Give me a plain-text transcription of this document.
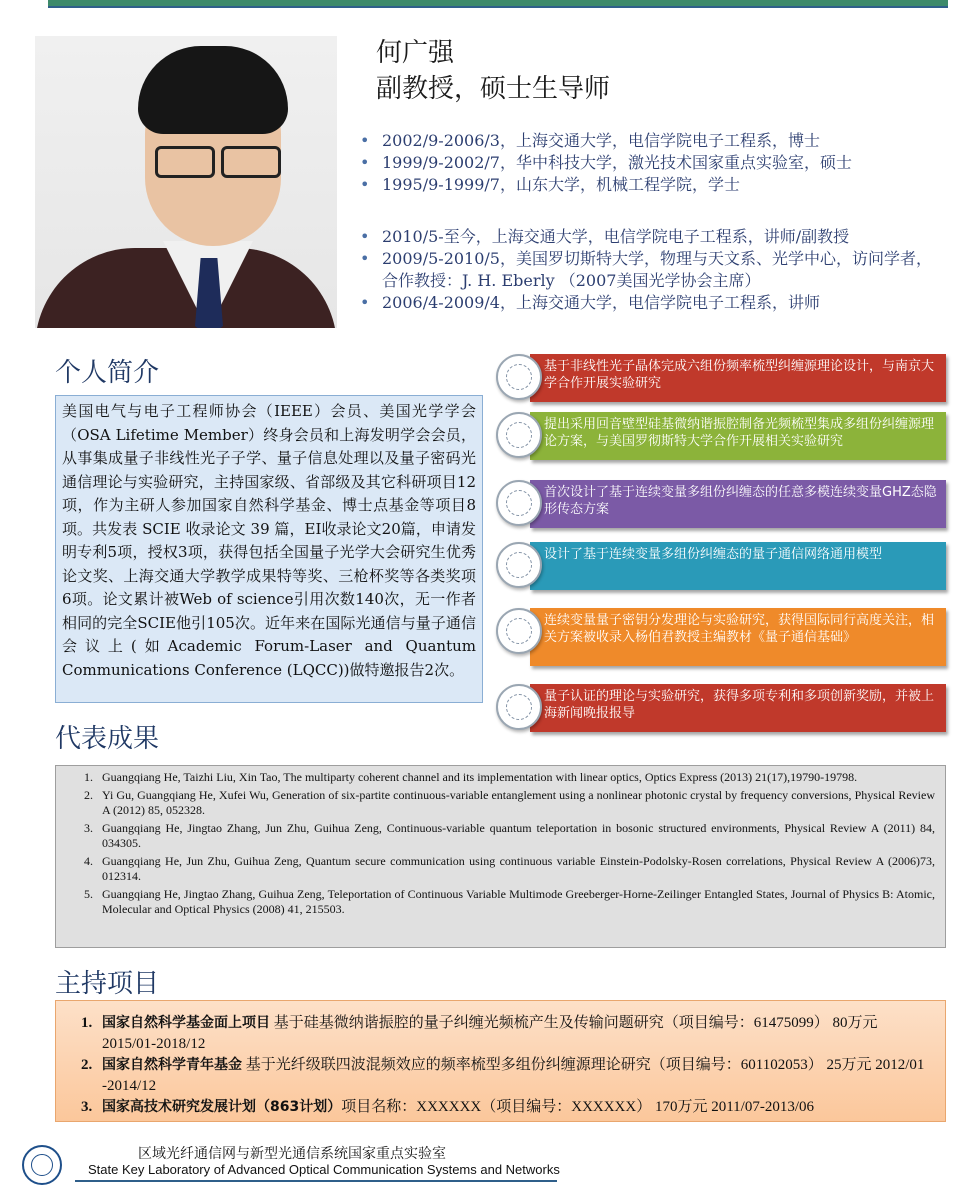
何广强
副教授，硕士生导师
• 2002/9-2006/3，上海交通大学，电信学院电子工程系，博士
• 1999/9-2002/7，华中科技大学，激光技术国家重点实验室，硕士
• 1995/9-1999/7，山东大学，机械工程学院，学士
• 2010/5-至今，上海交通大学，电信学院电子工程系，讲师/副教授
• 2009/5-2010/5，美国罗切斯特大学，物理与天文系、光学中心，访问学者，合作教授：J. H. Eberly （2007美国光学协会主席）
• 2006/4-2009/4，上海交通大学，电信学院电子工程系，讲师
个人简介
美国电气与电子工程师协会（IEEE）会员、美国光学学会（OSA Lifetime Member）终身会员和上海发明学会会员，从事集成量子非线性光子子学、量子信息处理以及量子密码光通信理论与实验研究，主持国家级、省部级及其它科研项目12项，作为主研人参加国家自然科学基金、博士点基金等项目8项。共发表 SCIE 收录论文 39 篇，EI收录论文20篇，申请发明专利5项，授权3项，获得包括全国量子光学大会研究生优秀论文奖、上海交通大学教学成果特等奖、三枪杯奖等各类奖项6项。论文累计被Web of science引用次数140次，无一作者相同的完全SCIE他引105次。近年来在国际光通信与量子通信会议上(如Academic Forum-Laser and Quantum Communications Conference (LQCC))做特邀报告2次。
基于非线性光子晶体完成六组份频率梳型纠缠源理论设计，与南京大学合作开展实验研究
提出采用回音壁型硅基微纳谐振腔制备光频梳型集成多组份纠缠源理论方案，与美国罗彻斯特大学合作开展相关实验研究
首次设计了基于连续变量多组份纠缠态的任意多模连续变量GHZ态隐形传态方案
设计了基于连续变量多组份纠缠态的量子通信网络通用模型
连续变量量子密钥分发理论与实验研究，获得国际同行高度关注，相关方案被收录入杨伯君教授主编教材《量子通信基础》
量子认证的理论与实验研究，获得多项专利和多项创新奖励，并被上海新闻晚报报导
代表成果
1. Guangqiang He, Taizhi Liu, Xin Tao, The multiparty coherent channel and its implementation with linear optics, Optics Express (2013) 21(17),19790-19798.
2. Yi Gu, Guangqiang He, Xufei Wu, Generation of six-partite continuous-variable entanglement using a nonlinear photonic crystal by frequency conversions, Physical Review A (2012) 85, 052328.
3. Guangqiang He, Jingtao Zhang, Jun Zhu, Guihua Zeng, Continuous-variable quantum teleportation in bosonic structured environments, Physical Review A (2011) 84, 034305.
4. Guangqiang He, Jun Zhu, Guihua Zeng, Quantum secure communication using continuous variable Einstein-Podolsky-Rosen correlations, Physical Review A (2006)73, 012314.
5. Guangqiang He, Jingtao Zhang, Guihua Zeng, Teleportation of Continuous Variable Multimode Greeberger-Horne-Zeilinger Entangled States, Journal of Physics B: Atomic, Molecular and Optical Physics (2008) 41, 215503.
主持项目
1. 国家自然科学基金面上项目 基于硅基微纳谐振腔的量子纠缠光频梳产生及传输问题研究（项目编号：61475099） 80万元 2015/01-2018/12
2. 国家自然科学青年基金 基于光纤级联四波混频效应的频率梳型多组份纠缠源理论研究（项目编号：601102053） 25万元 2012/01 -2014/12
3. 国家高技术研究发展计划（863计划）项目名称：XXXXXX（项目编号：XXXXXX） 170万元 2011/07-2013/06
区域光纤通信网与新型光通信系统国家重点实验室
State Key Laboratory of Advanced Optical Communication Systems and Networks
